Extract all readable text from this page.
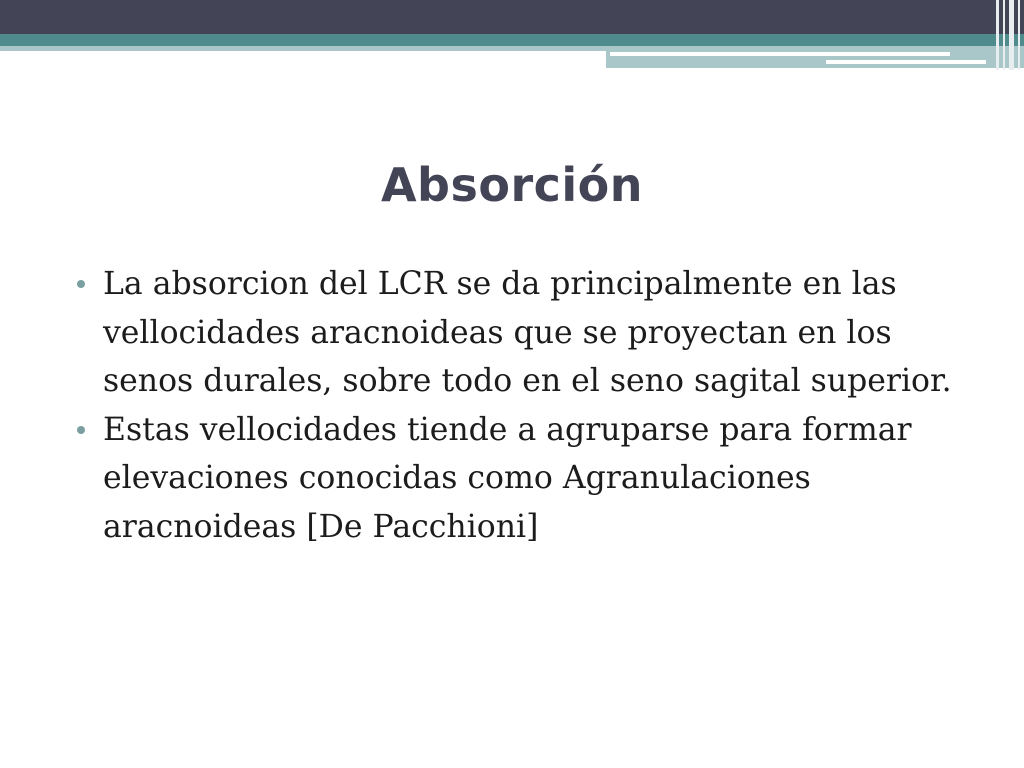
Absorción
La absorcion del LCR se da principalmente en las vellocidades aracnoideas que se proyectan en los senos durales, sobre todo en el seno sagital superior.
Estas vellocidades tiende a agruparse para formar elevaciones conocidas como Agranulaciones aracnoideas [De Pacchioni]
